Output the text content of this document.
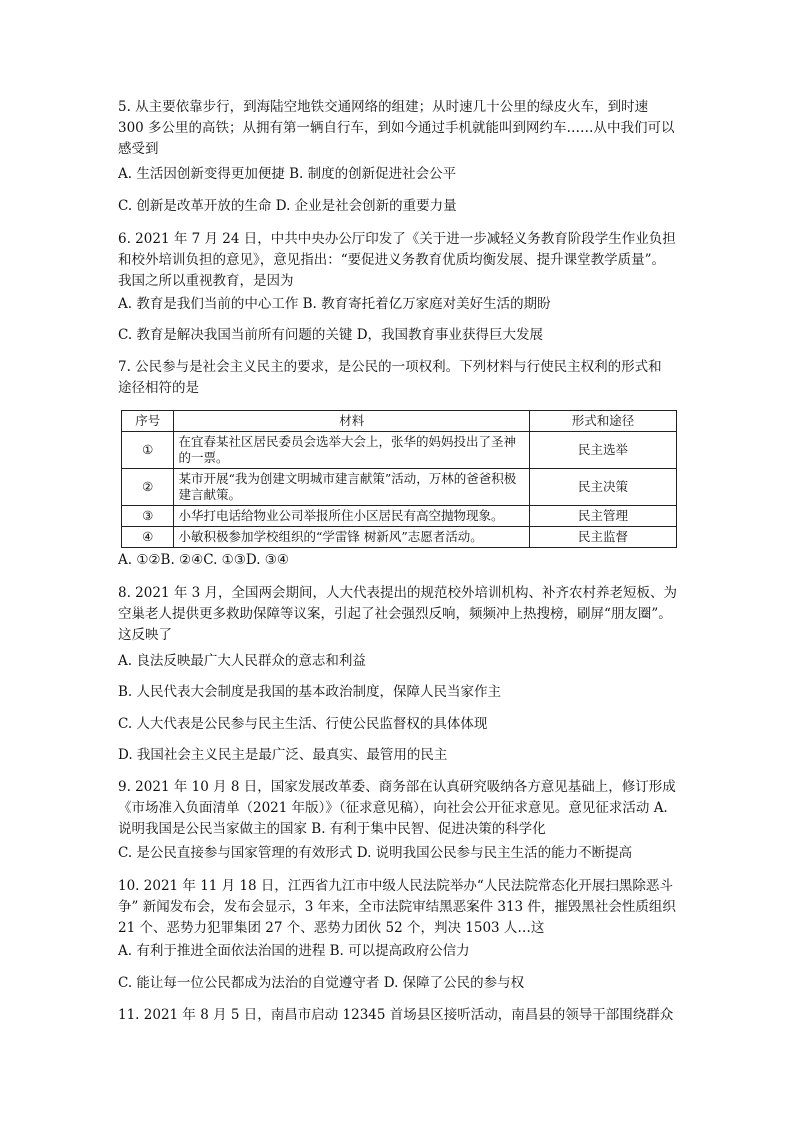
5. 从主要依靠步行，到海陆空地铁交通网络的组建；从时速几十公里的绿皮火车，到时速 300 多公里的高铁；从拥有第一辆自行车，到如今通过手机就能叫到网约车……从中我们可以感受到

A. 生活因创新变得更加便捷 B. 制度的创新促进社会公平

C. 创新是改革开放的生命 D. 企业是社会创新的重要力量

6. 2021 年 7 月 24 日，中共中央办公厅印发了《关于进一步减轻义务教育阶段学生作业负担和校外培训负担的意见》，意见指出：“要促进义务教育优质均衡发展、提升课堂教学质量”。 我国之所以重视教育，是因为

A. 教育是我们当前的中心工作 B. 教育寄托着亿万家庭对美好生活的期盼

C. 教育是解决我国当前所有问题的关键 D，我国教育事业获得巨大发展

7. 公民参与是社会主义民主的要求，是公民的一项权利。下列材料与行使民主权利的形式和 途径相符的是

序号	材料	形式和途径
①	在宜春某社区居民委员会选举大会上，张华的妈妈投出了圣神的一票。	民主选举
②	某市开展“我为创建文明城市建言献策”活动，万林的爸爸积极建言献策。	民主决策
③	小华打电话给物业公司举报所住小区居民有高空抛物现象。	民主管理
④	小敏积极参加学校组织的“学雷锋 树新风”志愿者活动。	民主监督

A. ①②B. ②④C. ①③D. ③④

8. 2021 年 3 月，全国两会期间，人大代表提出的规范校外培训机构、补齐农村养老短板、为 空巢老人提供更多救助保障等议案，引起了社会强烈反响，频频冲上热搜榜，刷屏“朋友圈”。这反映了

A. 良法反映最广大人民群众的意志和利益

B. 人民代表大会制度是我国的基本政治制度，保障人民当家作主

C. 人大代表是公民参与民主生活、行使公民监督权的具体体现

D. 我国社会主义民主是最广泛、最真实、最管用的民主

9. 2021 年 10 月 8 日，国家发展改革委、商务部在认真研究吸纳各方意见基础上，修订形成《市场准入负面清单（2021 年版）》（征求意见稿），向社会公开征求意见。意见征求活动 A. 说明我国是公民当家做主的国家 B. 有利于集中民智、促进决策的科学化

C. 是公民直接参与国家管理的有效形式 D. 说明我国公民参与民主生活的能力不断提高

10. 2021 年 11 月 18 日，江西省九江市中级人民法院举办“人民法院常态化开展扫黑除恶斗争” 新闻发布会，发布会显示，3 年来，全市法院审结黑恶案件 313 件，摧毁黑社会性质组织 21 个、恶势力犯罪集团 27 个、恶势力团伙 52 个，判决 1503 人…这

A. 有利于推进全面依法治国的进程 B. 可以提高政府公信力

C. 能让每一位公民都成为法治的自觉遵守者 D. 保障了公民的参与权

11. 2021 年 8 月 5 日，南昌市启动 12345 首场县区接听活动，南昌县的领导干部围绕群众
